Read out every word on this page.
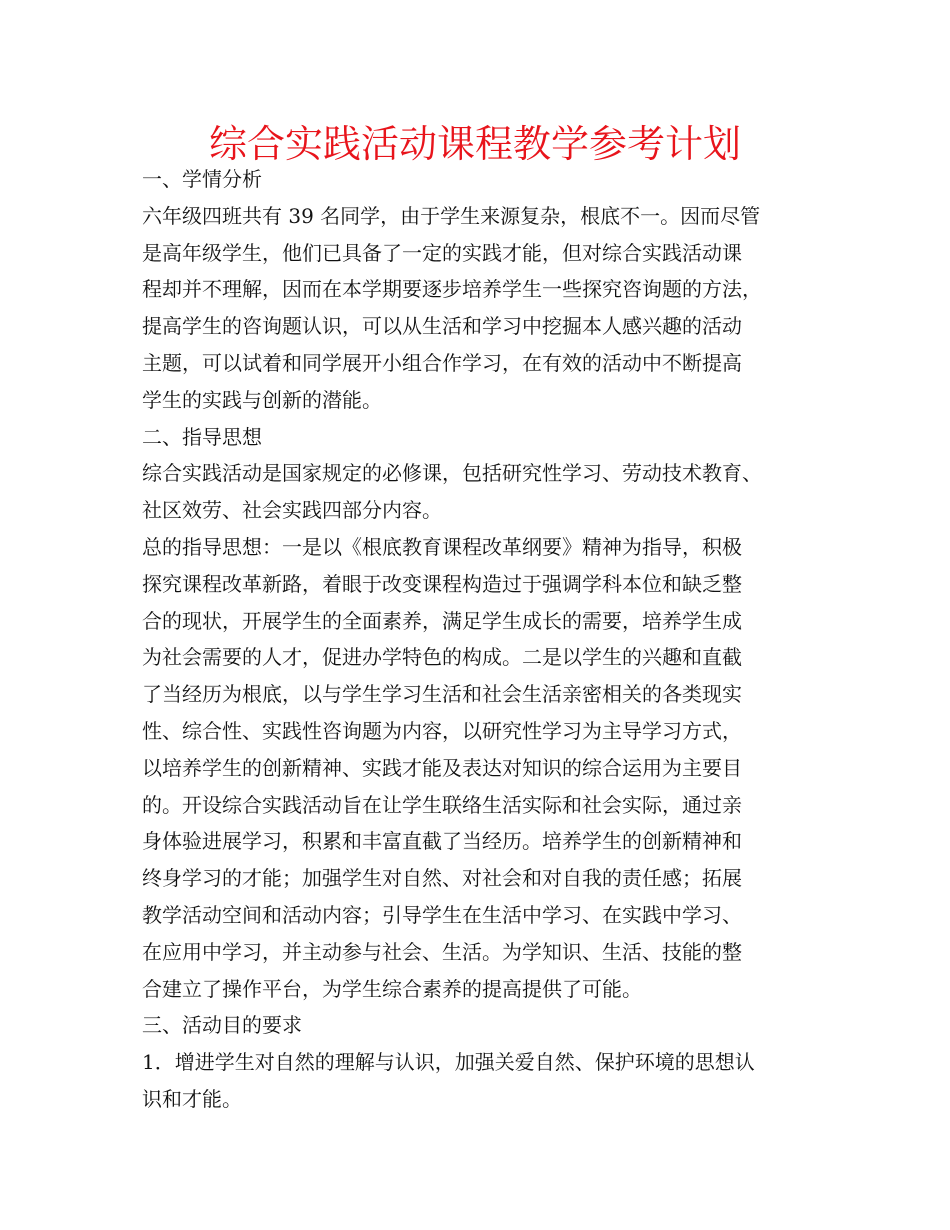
综合实践活动课程教学参考计划
一、学情分析
六年级四班共有 39 名同学，由于学生来源复杂，根底不一。因而尽管
是高年级学生，他们已具备了一定的实践才能，但对综合实践活动课
程却并不理解，因而在本学期要逐步培养学生一些探究咨询题的方法，
提高学生的咨询题认识，可以从生活和学习中挖掘本人感兴趣的活动
主题，可以试着和同学展开小组合作学习，在有效的活动中不断提高
学生的实践与创新的潜能。
二、指导思想
综合实践活动是国家规定的必修课，包括研究性学习、劳动技术教育、
社区效劳、社会实践四部分内容。
总的指导思想：一是以《根底教育课程改革纲要》精神为指导，积极
探究课程改革新路，着眼于改变课程构造过于强调学科本位和缺乏整
合的现状，开展学生的全面素养，满足学生成长的需要，培养学生成
为社会需要的人才，促进办学特色的构成。二是以学生的兴趣和直截
了当经历为根底，以与学生学习生活和社会生活亲密相关的各类现实
性、综合性、实践性咨询题为内容，以研究性学习为主导学习方式，
以培养学生的创新精神、实践才能及表达对知识的综合运用为主要目
的。开设综合实践活动旨在让学生联络生活实际和社会实际，通过亲
身体验进展学习，积累和丰富直截了当经历。培养学生的创新精神和
终身学习的才能；加强学生对自然、对社会和对自我的责任感；拓展
教学活动空间和活动内容；引导学生在生活中学习、在实践中学习、
在应用中学习，并主动参与社会、生活。为学知识、生活、技能的整
合建立了操作平台，为学生综合素养的提高提供了可能。
三、活动目的要求
1．增进学生对自然的理解与认识，加强关爱自然、保护环境的思想认
识和才能。
